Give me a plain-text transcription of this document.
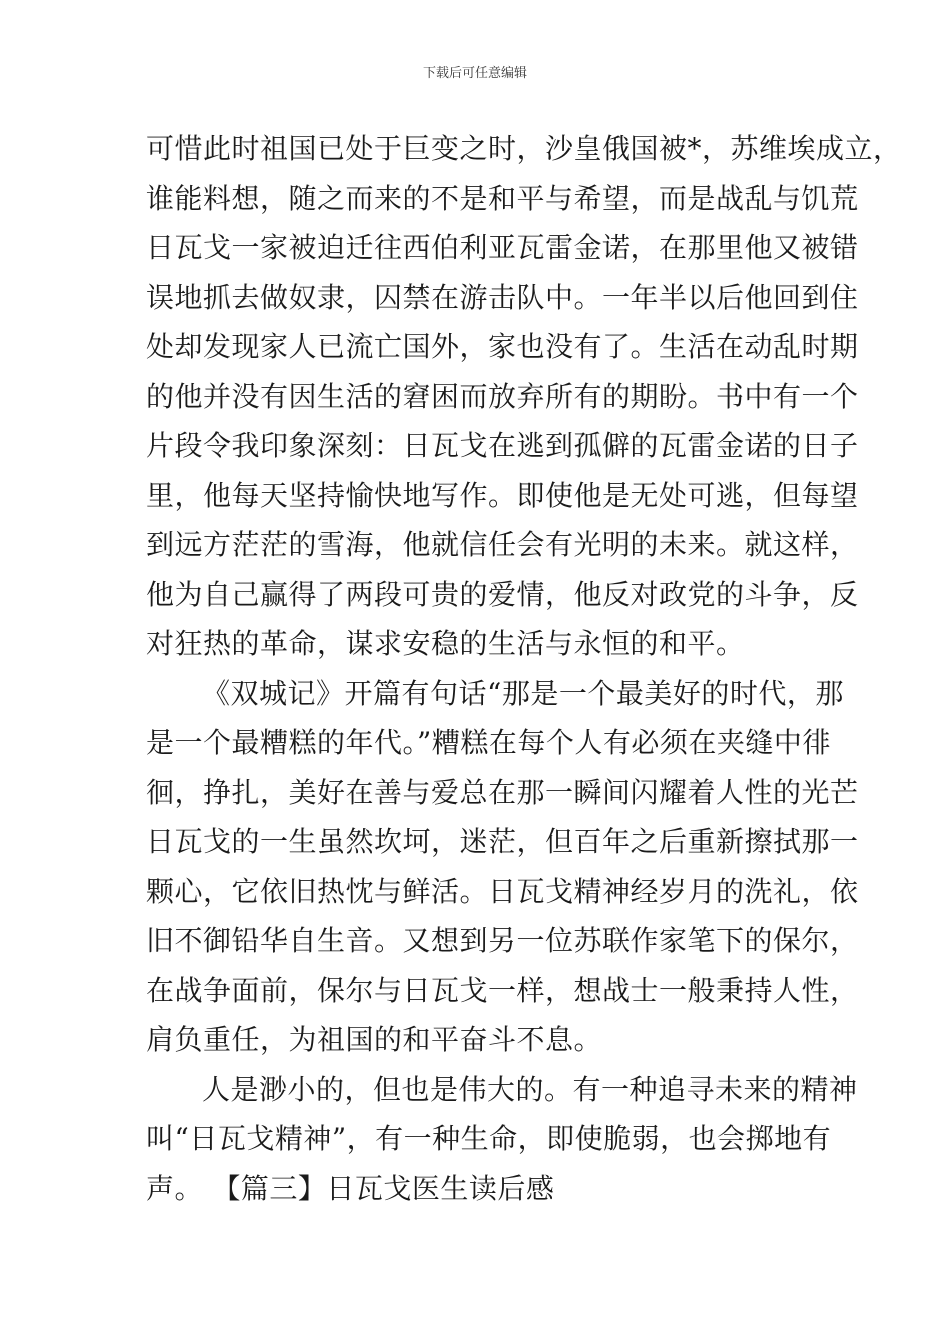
下载后可任意编辑
可惜此时祖国已处于巨变之时，沙皇俄国被*，苏维埃成立，
谁能料想，随之而来的不是和平与希望，而是战乱与饥荒
日瓦戈一家被迫迁往西伯利亚瓦雷金诺，在那里他又被错
误地抓去做奴隶，囚禁在游击队中。一年半以后他回到住
处却发现家人已流亡国外，家也没有了。生活在动乱时期
的他并没有因生活的窘困而放弃所有的期盼。书中有一个
片段令我印象深刻：日瓦戈在逃到孤僻的瓦雷金诺的日子
里，他每天坚持愉快地写作。即使他是无处可逃，但每望
到远方茫茫的雪海，他就信任会有光明的未来。就这样，
他为自己赢得了两段可贵的爱情，他反对政党的斗争，反
对狂热的革命，谋求安稳的生活与永恒的和平。
《双城记》开篇有句话“那是一个最美好的时代，那
是一个最糟糕的年代。”糟糕在每个人有必须在夹缝中徘
徊，挣扎，美好在善与爱总在那一瞬间闪耀着人性的光芒
日瓦戈的一生虽然坎坷，迷茫，但百年之后重新擦拭那一
颗心，它依旧热忱与鲜活。日瓦戈精神经岁月的洗礼，依
旧不御铅华自生音。又想到另一位苏联作家笔下的保尔，
在战争面前，保尔与日瓦戈一样，想战士一般秉持人性，
肩负重任，为祖国的和平奋斗不息。
人是渺小的，但也是伟大的。有一种追寻未来的精神
叫“日瓦戈精神”，有一种生命，即使脆弱，也会掷地有
声。 【篇三】日瓦戈医生读后感
